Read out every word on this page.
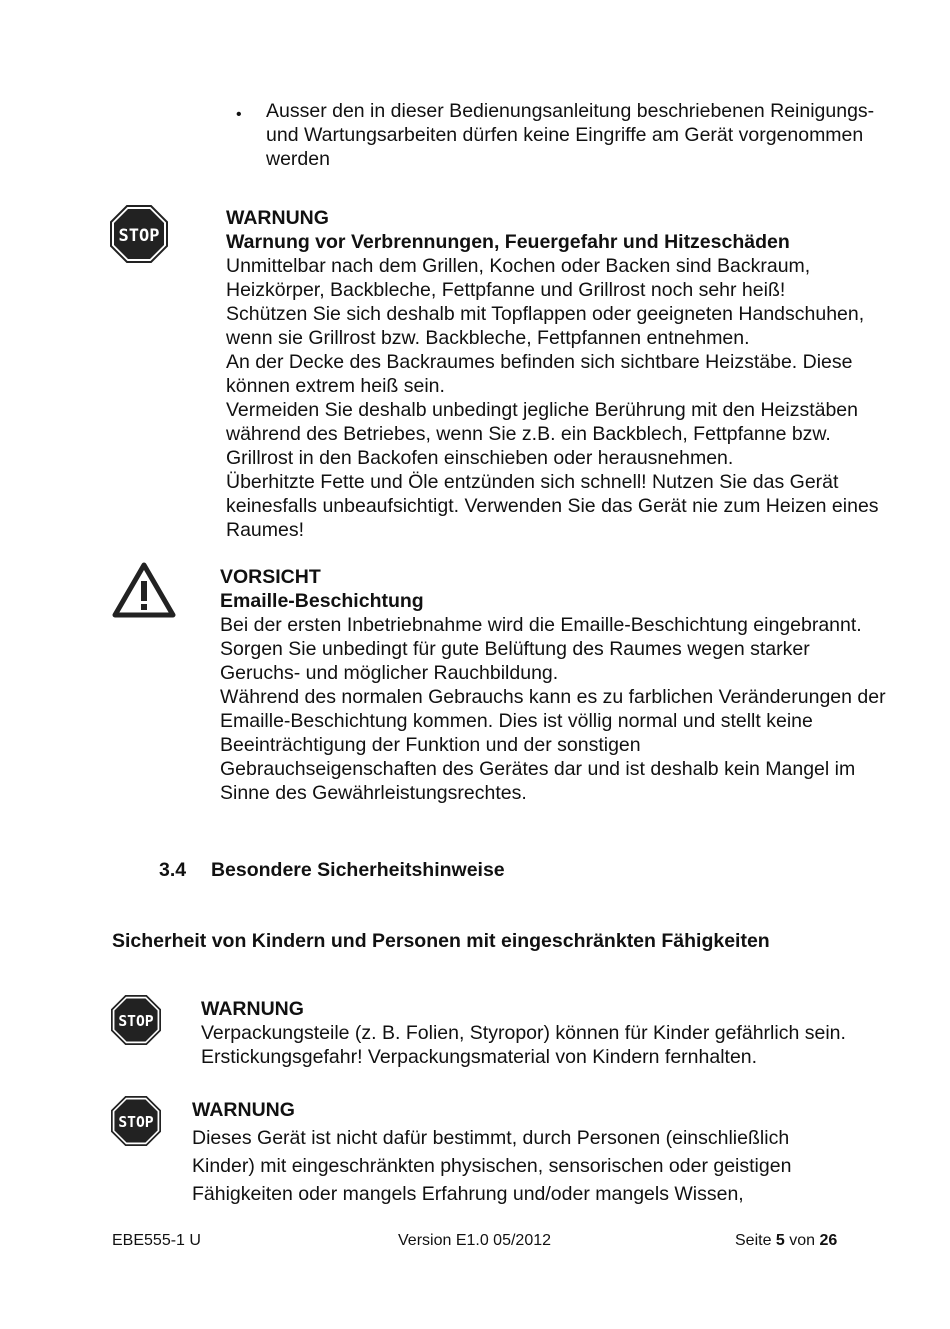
• Ausser den in dieser Bedienungsanleitung beschriebenen Reinigungs-
und Wartungsarbeiten dürfen keine Eingriffe am Gerät vorgenommen
werden
STOP
WARNUNG
Warnung vor Verbrennungen, Feuergefahr und Hitzeschäden
Unmittelbar nach dem Grillen, Kochen oder Backen sind Backraum,
Heizkörper, Backbleche, Fettpfanne und Grillrost noch sehr heiß!
Schützen Sie sich deshalb mit Topflappen oder geeigneten Handschuhen,
wenn sie Grillrost bzw. Backbleche, Fettpfannen entnehmen.
An der Decke des Backraumes befinden sich sichtbare Heizstäbe. Diese
können extrem heiß sein.
Vermeiden Sie deshalb unbedingt jegliche Berührung mit den Heizstäben
während des Betriebes, wenn Sie z.B. ein Backblech, Fettpfanne bzw.
Grillrost in den Backofen einschieben oder herausnehmen.
Überhitzte Fette und Öle entzünden sich schnell! Nutzen Sie das Gerät
keinesfalls unbeaufsichtigt. Verwenden Sie das Gerät nie zum Heizen eines
Raumes!
VORSICHT
Emaille-Beschichtung
Bei der ersten Inbetriebnahme wird die Emaille-Beschichtung eingebrannt.
Sorgen Sie unbedingt für gute Belüftung des Raumes wegen starker
Geruchs- und möglicher Rauchbildung.
Während des normalen Gebrauchs kann es zu farblichen Veränderungen der
Emaille-Beschichtung kommen. Dies ist völlig normal und stellt keine
Beeinträchtigung der Funktion und der sonstigen
Gebrauchseigenschaften des Gerätes dar und ist deshalb kein Mangel im
Sinne des Gewährleistungsrechtes.
3.4 Besondere Sicherheitshinweise
Sicherheit von Kindern und Personen mit eingeschränkten Fähigkeiten
STOP
WARNUNG
Verpackungsteile (z. B. Folien, Styropor) können für Kinder gefährlich sein.
Erstickungsgefahr! Verpackungsmaterial von Kindern fernhalten.
STOP
WARNUNG
Dieses Gerät ist nicht dafür bestimmt, durch Personen (einschließlich
Kinder) mit eingeschränkten physischen, sensorischen oder geistigen
Fähigkeiten oder mangels Erfahrung und/oder mangels Wissen,
EBE555-1 U	Version E1.0 05/2012	Seite 5 von 26
